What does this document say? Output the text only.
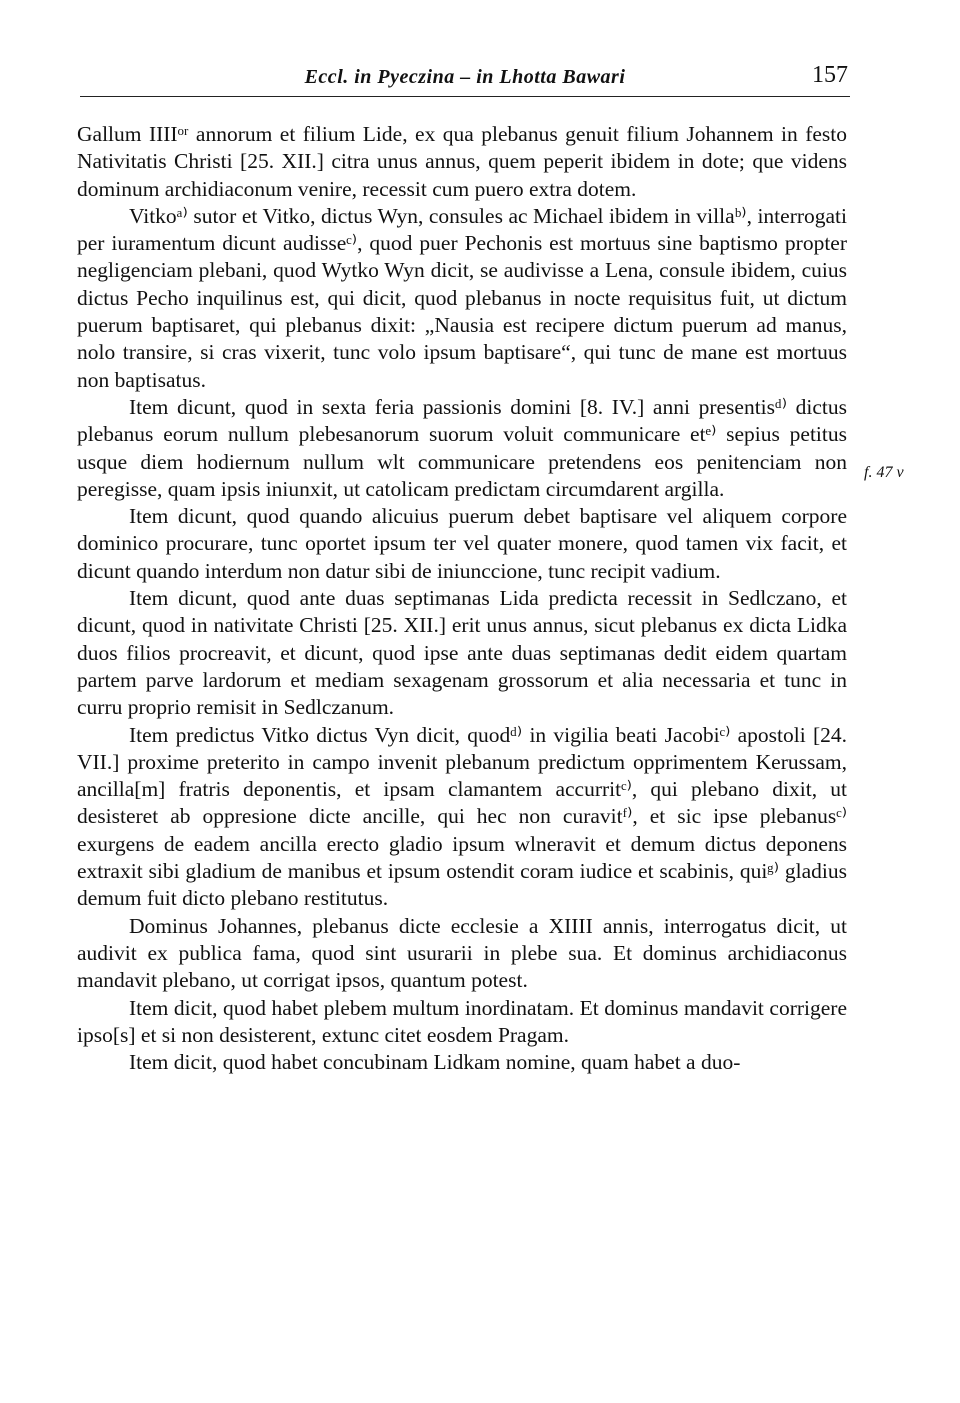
Eccl. in Pyeczina – in Lhotta Bawari	157
f. 47 v

Gallum IIIIᵒʳ annorum et filium Lide, ex qua plebanus genuit filium Johannem in festo Nativitatis Christi [25. XII.] citra unus annus, quem peperit ibidem in dote; que videns dominum archidiaconum venire, recessit cum puero extra dotem.

Vitkoᵃ⁾ sutor et Vitko, dictus Wyn, consules ac Michael ibidem in villaᵇ⁾, interrogati per iuramentum dicunt audisseᶜ⁾, quod puer Pechonis est mortuus sine baptismo propter negligenciam plebani, quod Wytko Wyn dicit, se audivisse a Lena, consule ibidem, cuius dictus Pecho inquilinus est, qui dicit, quod plebanus in nocte requisitus fuit, ut dictum puerum baptisaret, qui plebanus dixit: „Nausia est recipere dictum puerum ad manus, nolo transire, si cras vixerit, tunc volo ipsum baptisare“, qui tunc de mane est mortuus non baptisatus.

Item dicunt, quod in sexta feria passionis domini [8. IV.] anni presentisᵈ⁾ dictus plebanus eorum nullum plebesanorum suorum voluit communicare etᵉ⁾ sepius petitus usque diem hodiernum nullum wlt communicare pretendens eos penitenciam non peregisse, quam ipsis iniunxit, ut catolicam predictam circumdarent argilla.

Item dicunt, quod quando alicuius puerum debet baptisare vel aliquem corpore dominico procurare, tunc oportet ipsum ter vel quater monere, quod tamen vix facit, et dicunt quando interdum non datur sibi de iniunccione, tunc recipit vadium.

Item dicunt, quod ante duas septimanas Lida predicta recessit in Sedlczano, et dicunt, quod in nativitate Christi [25. XII.] erit unus annus, sicut plebanus ex dicta Lidka duos filios procreavit, et dicunt, quod ipse ante duas septimanas dedit eidem quartam partem parve lardorum et mediam sexagenam grossorum et alia necessaria et tunc in curru proprio remisit in Sedlczanum.

Item predictus Vitko dictus Vyn dicit, quodᵈ⁾ in vigilia beati Jacobiᶜ⁾ apostoli [24. VII.] proxime preterito in campo invenit plebanum predictum opprimentem Kerussam, ancilla[m] fratris deponentis, et ipsam clamantem accurritᶜ⁾, qui plebano dixit, ut desisteret ab oppresione dicte ancille, qui hec non curavitᶠ⁾, et sic ipse plebanusᶜ⁾ exurgens de eadem ancilla erecto gladio ipsum wlneravit et demum dictus deponens extraxit sibi gladium de manibus et ipsum ostendit coram iudice et scabinis, quiᵍ⁾ gladius demum fuit dicto plebano restitutus.

Dominus Johannes, plebanus dicte ecclesie a XIIII annis, interrogatus dicit, ut audivit ex publica fama, quod sint usurarii in plebe sua. Et dominus archidiaconus mandavit plebano, ut corrigat ipsos, quantum potest.

Item dicit, quod habet plebem multum inordinatam. Et dominus mandavit corrigere ipso[s] et si non desisterent, extunc citet eosdem Pragam.

Item dicit, quod habet concubinam Lidkam nomine, quam habet a duo-
